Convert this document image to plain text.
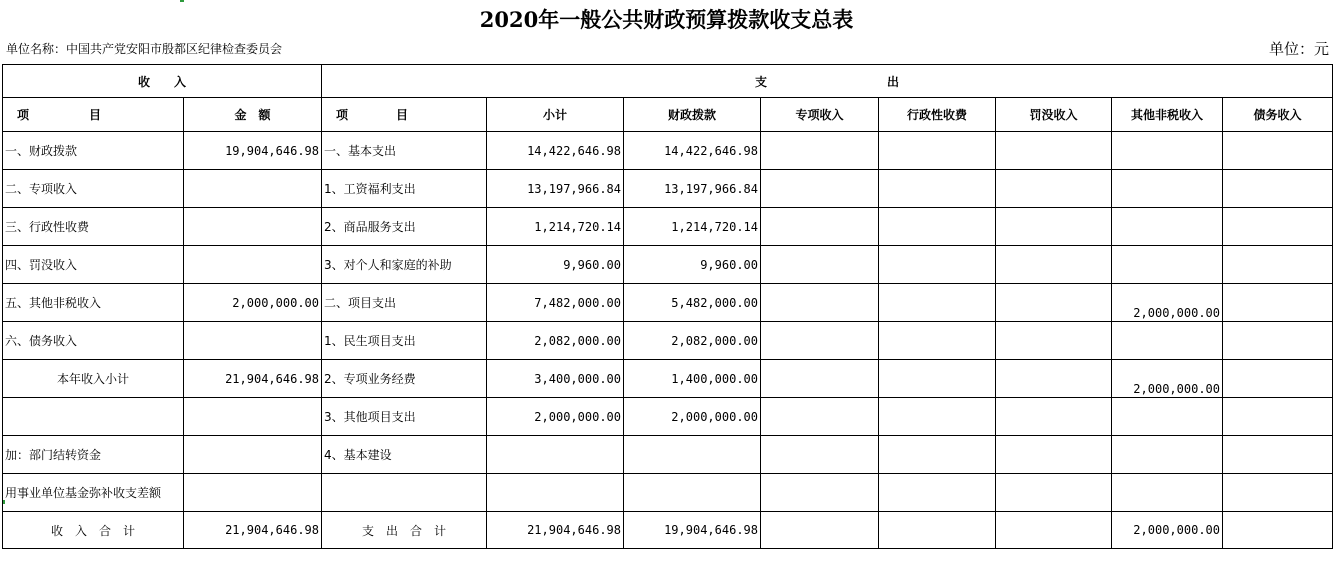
2020年一般公共财政预算拨款收支总表
单位名称：中国共产党安阳市殷都区纪律检查委员会	单位：元
收　　入		支　　　　　　　　　　出							
项　　　　　目	金　额	项　　　　目	小计	财政拨款	专项收入	行政性收费	罚没收入	其他非税收入	债务收入
一、财政拨款	19,904,646.98	一、基本支出	14,422,646.98	14,422,646.98					
二、专项收入		1、工资福利支出	13,197,966.84	13,197,966.84					
三、行政性收费		2、商品服务支出	1,214,720.14	1,214,720.14					
四、罚没收入		3、对个人和家庭的补助	9,960.00	9,960.00					
五、其他非税收入	2,000,000.00	二、项目支出	7,482,000.00	5,482,000.00				2,000,000.00	
六、债务收入		1、民生项目支出	2,082,000.00	2,082,000.00					
本年收入小计	21,904,646.98	2、专项业务经费	3,400,000.00	1,400,000.00				2,000,000.00	
		3、其他项目支出	2,000,000.00	2,000,000.00					
加：部门结转资金		4、基本建设							
用事业单位基金弥补收支差额									
收　入　合　计	21,904,646.98	支　出　合　计	21,904,646.98	19,904,646.98				2,000,000.00	
